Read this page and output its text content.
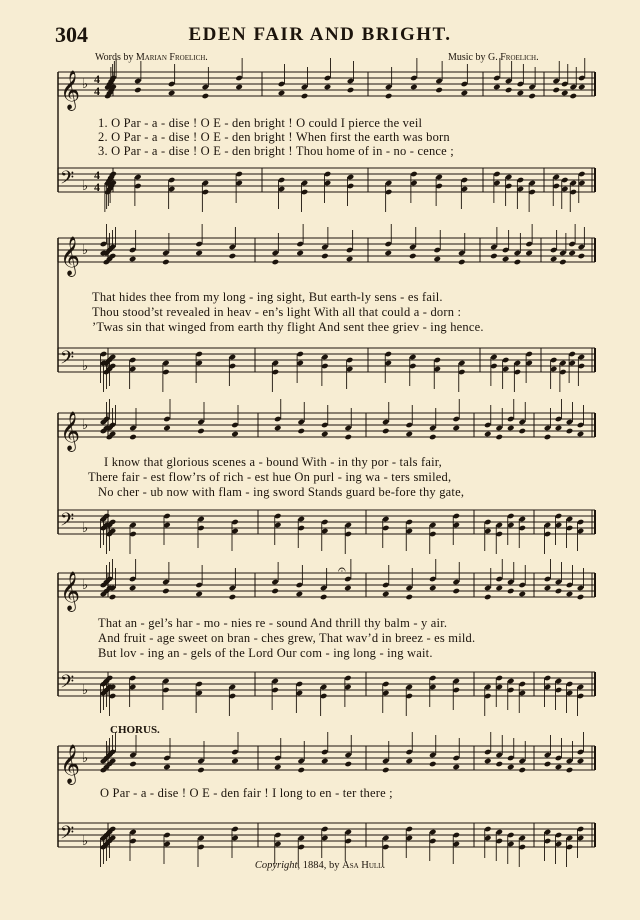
304	EDEN FAIR AND BRIGHT.
Words by Marian Froelich.	Music by G. Froelich.
𝄞 ♭ 4
4
𝄢 ♭
4
4
𝄞 ♭
𝄢 ♭
𝄞 ♭
𝄢 ♭
𝄞 ♭
𝄢 ♭
𝄞 ♭
𝄢 ♭
𝄐
1. O Par - a - dise ! O E - den bright ! O could I pierce the veil
2. O Par - a - dise ! O E - den bright ! When first the earth was born
3. O Par - a - dise ! O E - den bright ! Thou home of in - no - cence ;
That hides thee from my long - ing sight, But earth-ly sens - es fail.
Thou stood’st revealed in heav - en’s light With all that could a - dorn :
’Twas sin that winged from earth thy flight And sent thee griev - ing hence.
I know that glorious scenes a - bound With - in thy por - tals fair,
There fair - est flow’rs of rich - est hue On purl - ing wa - ters smiled,
No cher - ub now with flam - ing sword Stands guard be-fore thy gate,
That an - gel’s har - mo - nies re - sound And thrill thy balm - y air.
And fruit - age sweet on bran - ches grew, That wav’d in breez - es mild.
But lov - ing an - gels of the Lord Our com - ing long - ing wait.
CHORUS.
O Par - a - dise ! O E - den fair ! I long to en - ter there ;
Copyright, 1884, by Asa Hull.
